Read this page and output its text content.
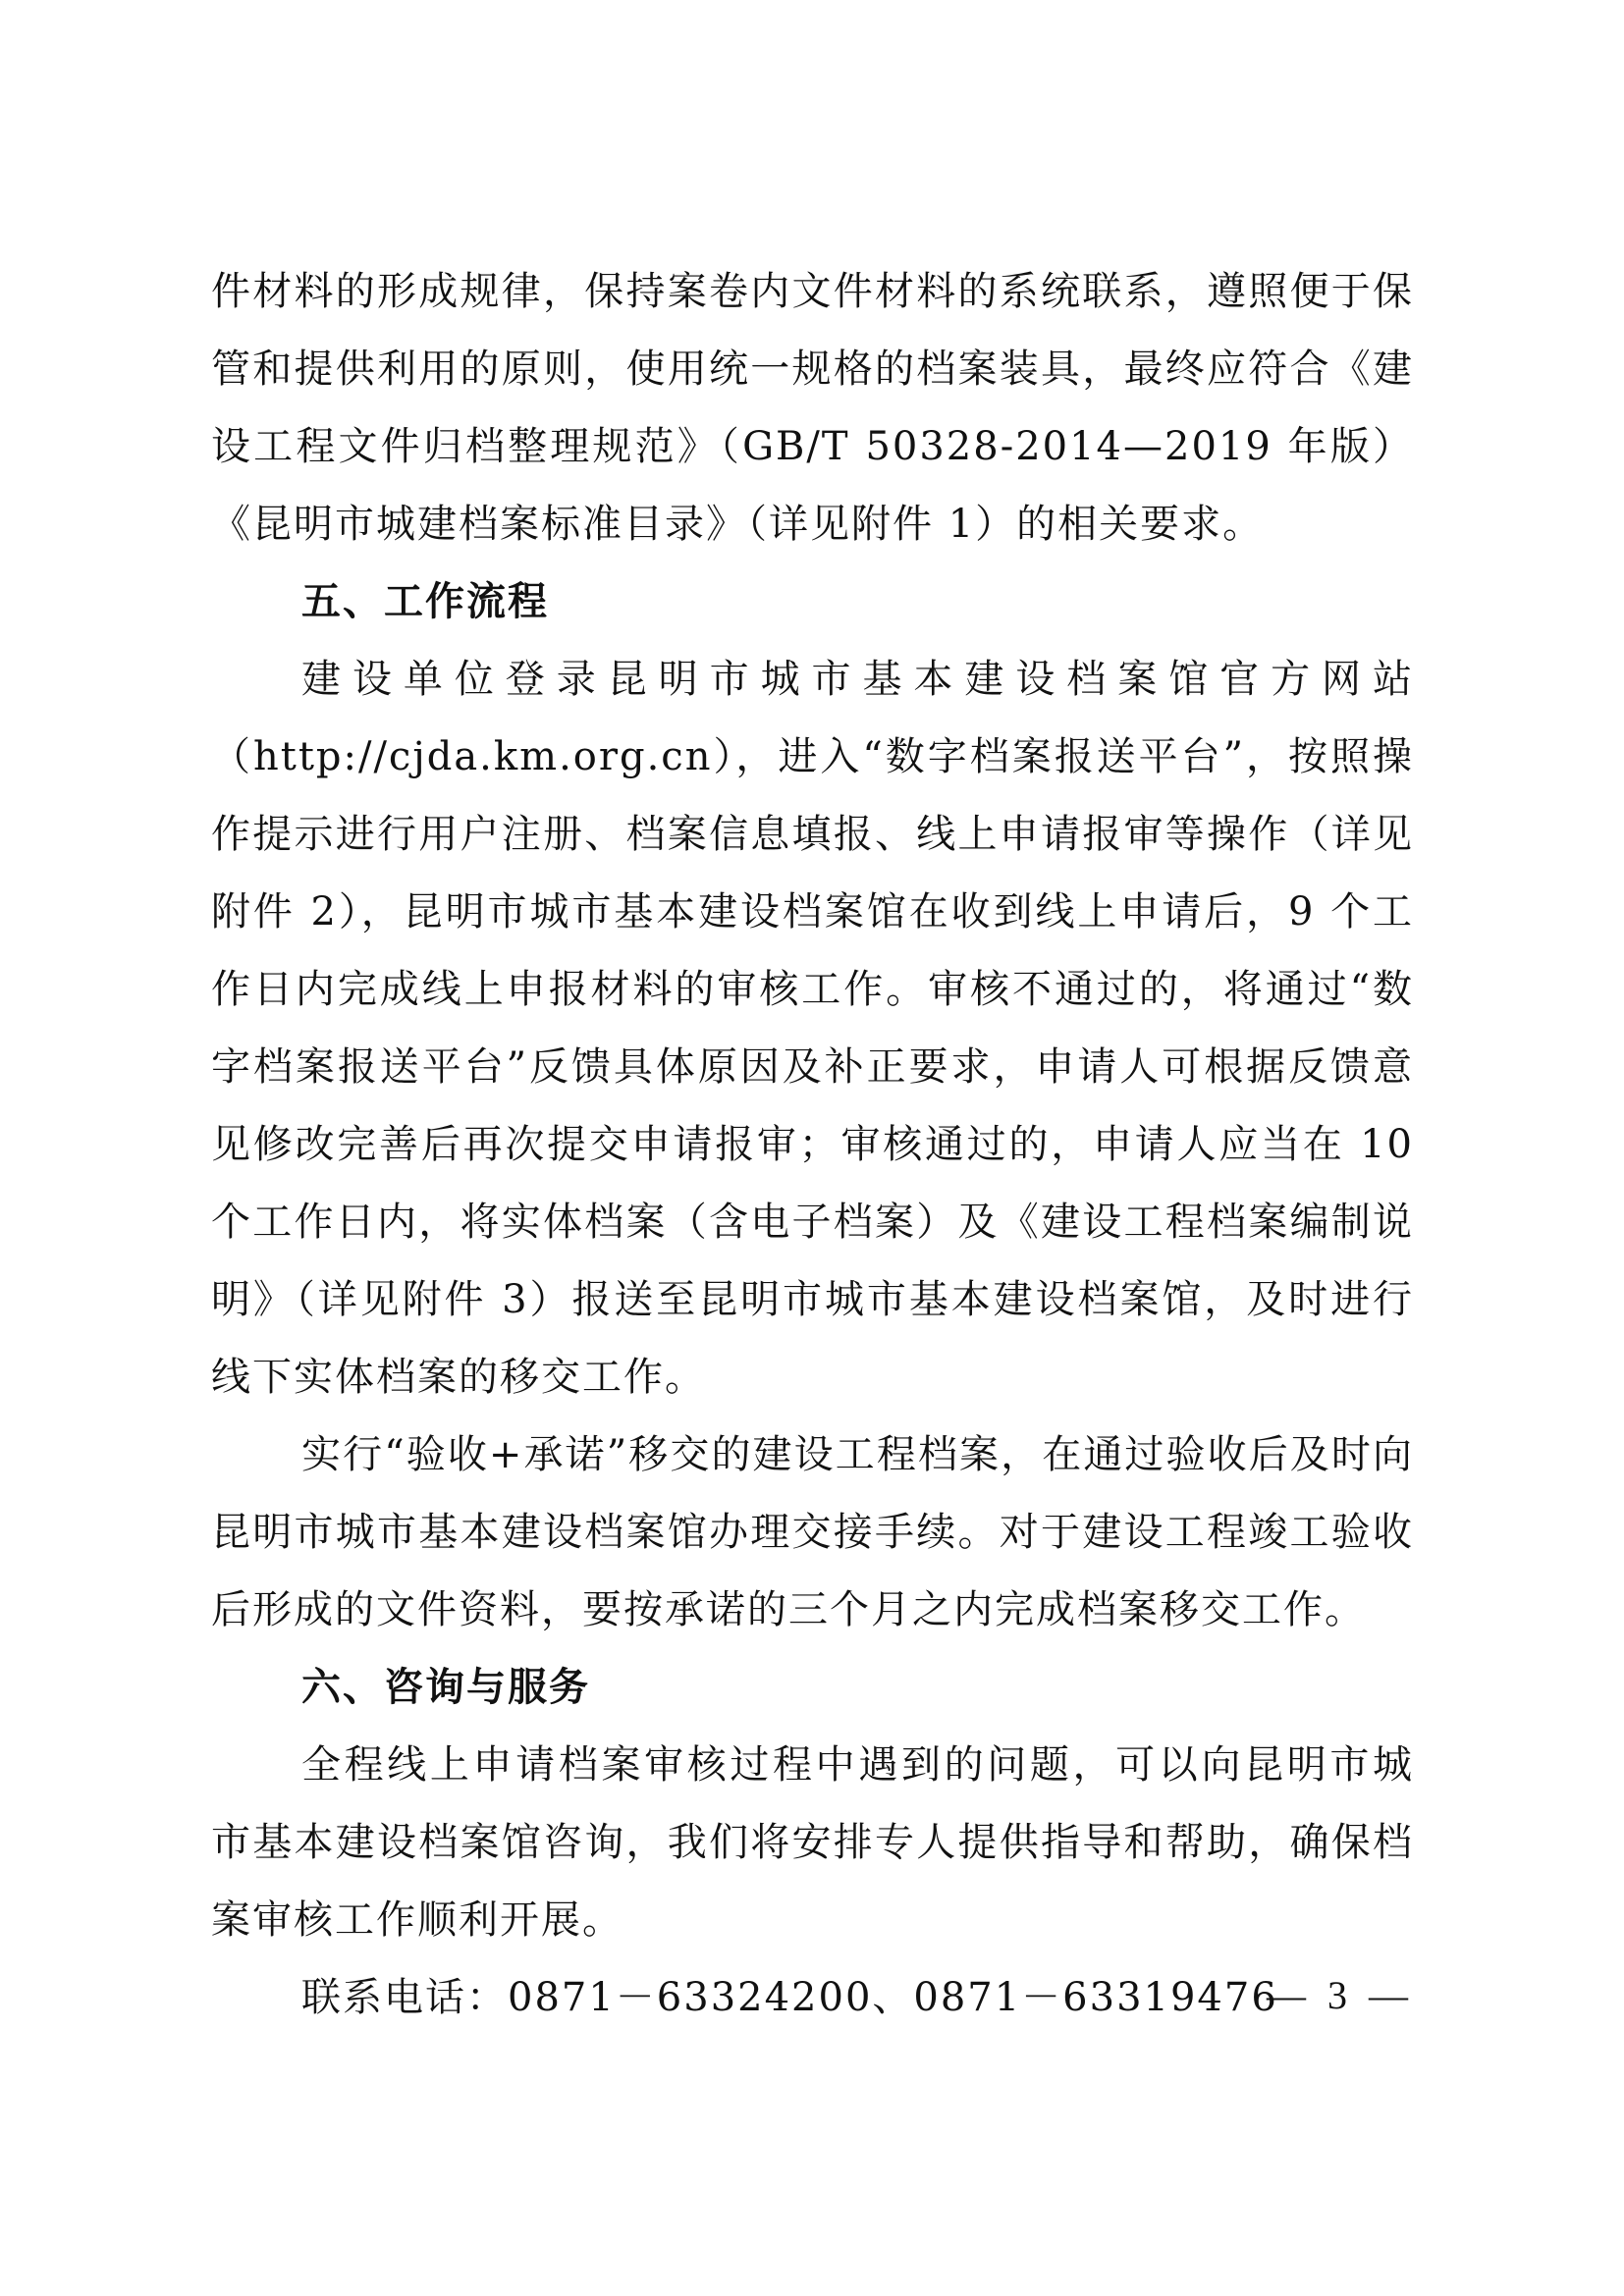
件材料的形成规律，保持案卷内文件材料的系统联系，遵照便于保管和提供利用的原则，使用统一规格的档案装具，最终应符合《建设工程文件归档整理规范》（GB/T 50328-2014—2019 年版）《昆明市城建档案标准目录》（详见附件 1）的相关要求。

五、工作流程

建设单位登录昆明市城市基本建设档案馆官方网站（http://cjda.km.org.cn），进入“数字档案报送平台”，按照操作提示进行用户注册、档案信息填报、线上申请报审等操作（详见附件 2），昆明市城市基本建设档案馆在收到线上申请后，9 个工作日内完成线上申报材料的审核工作。审核不通过的，将通过“数字档案报送平台”反馈具体原因及补正要求，申请人可根据反馈意见修改完善后再次提交申请报审；审核通过的，申请人应当在 10 个工作日内，将实体档案（含电子档案）及《建设工程档案编制说明》（详见附件 3）报送至昆明市城市基本建设档案馆，及时进行线下实体档案的移交工作。

实行“验收+承诺”移交的建设工程档案，在通过验收后及时向昆明市城市基本建设档案馆办理交接手续。对于建设工程竣工验收后形成的文件资料，要按承诺的三个月之内完成档案移交工作。

六、咨询与服务

全程线上申请档案审核过程中遇到的问题，可以向昆明市城市基本建设档案馆咨询，我们将安排专人提供指导和帮助，确保档案审核工作顺利开展。

联系电话：0871－63324200、0871－63319476

— 3 —
